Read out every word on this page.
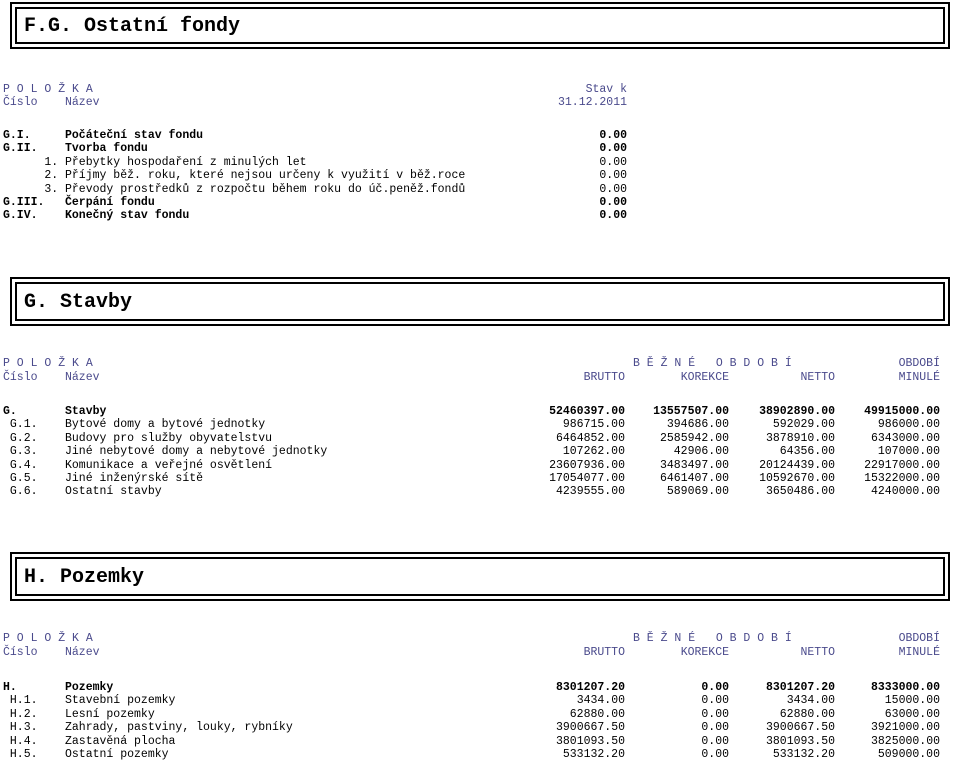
F.G. Ostatní fondy
P O L O Ž K A
Číslo Název
Stav k
31.12.2011
G.I.	Počáteční stav fondu	0.00
G.II. Tvorba fondu	0.00
1. Přebytky hospodaření z minulých let	0.00
2. Příjmy běž. roku, které nejsou určeny k využití v běž.roce	0.00
3. Převody prostředků z rozpočtu během roku do úč.peněž.fondů	0.00
G.III. Čerpání fondu	0.00
G.IV. Konečný stav fondu	0.00
G. Stavby
P O L O Ž K A	B Ě Ž N É   O B D O B Í	OBDOBÍ
Číslo Název	BRUTTO	KOREKCE	NETTO	MINULÉ
G.	Stavby	52460397.00 13557507.00	38902890.00	49915000.00
G.1. Bytové domy a bytové jednotky	986715.00	394686.00	592029.00	986000.00
G.2. Budovy pro služby obyvatelstvu	6464852.00	2585942.00	3878910.00	6343000.00
G.3. Jiné nebytové domy a nebytové jednotky	107262.00	42906.00	64356.00	107000.00
G.4. Komunikace a veřejné osvětlení	23607936.00	3483497.00	20124439.00	22917000.00
G.5. Jiné inženýrské sítě	17054077.00	6461407.00	10592670.00	15322000.00
G.6. Ostatní stavby	4239555.00	589069.00	3650486.00	4240000.00
H. Pozemky
P O L O Ž K A	B Ě Ž N É   O B D O B Í	OBDOBÍ
Číslo Název	BRUTTO	KOREKCE	NETTO	MINULÉ
H.	Pozemky	8301207.20	0.00	8301207.20	8333000.00
H.1. Stavební pozemky	3434.00	0.00	3434.00	15000.00
H.2. Lesní pozemky	62880.00	0.00	62880.00	63000.00
H.3. Zahrady, pastviny, louky, rybníky	3900667.50	0.00	3900667.50	3921000.00
H.4. Zastavěná plocha	3801093.50	0.00	3801093.50	3825000.00
H.5. Ostatní pozemky	533132.20	0.00	533132.20	509000.00
